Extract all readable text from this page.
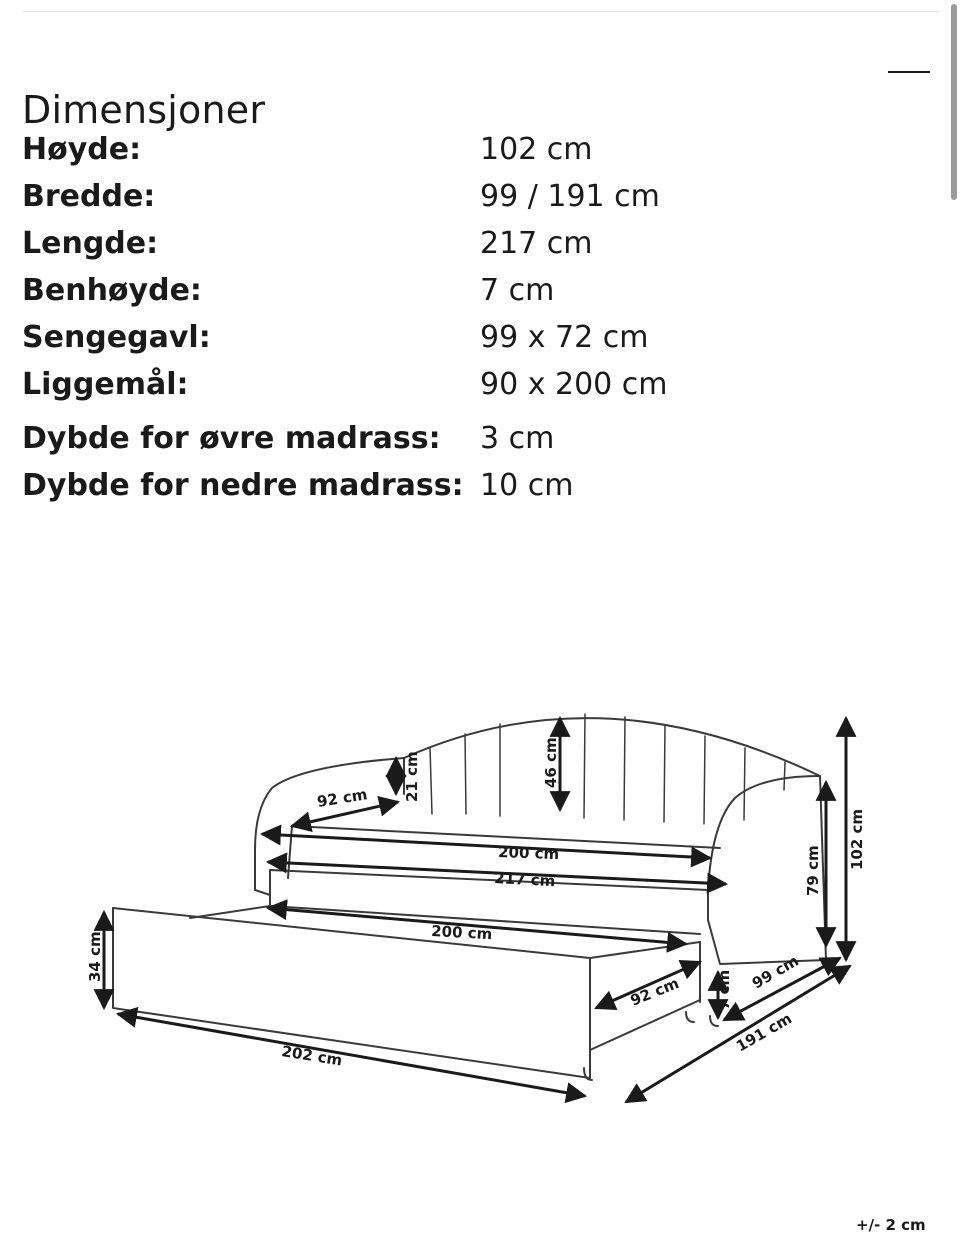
Dimensjoner
Høyde:	102 cm
Bredde:	99 / 191 cm
Lengde:	217 cm
Benhøyde:	7 cm
Sengegavl:	99 x 72 cm
Liggemål:	90 x 200 cm
Dybde for øvre madrass: 3 cm
Dybde for nedre madrass: 10 cm
92 cm 21 cm	46 cm
200 cm
217 cm	79 cm
102 cm
34 cm	200 cm
202 cm
92 cm 7 cm 99 cm
191 cm
+/- 2 cm
